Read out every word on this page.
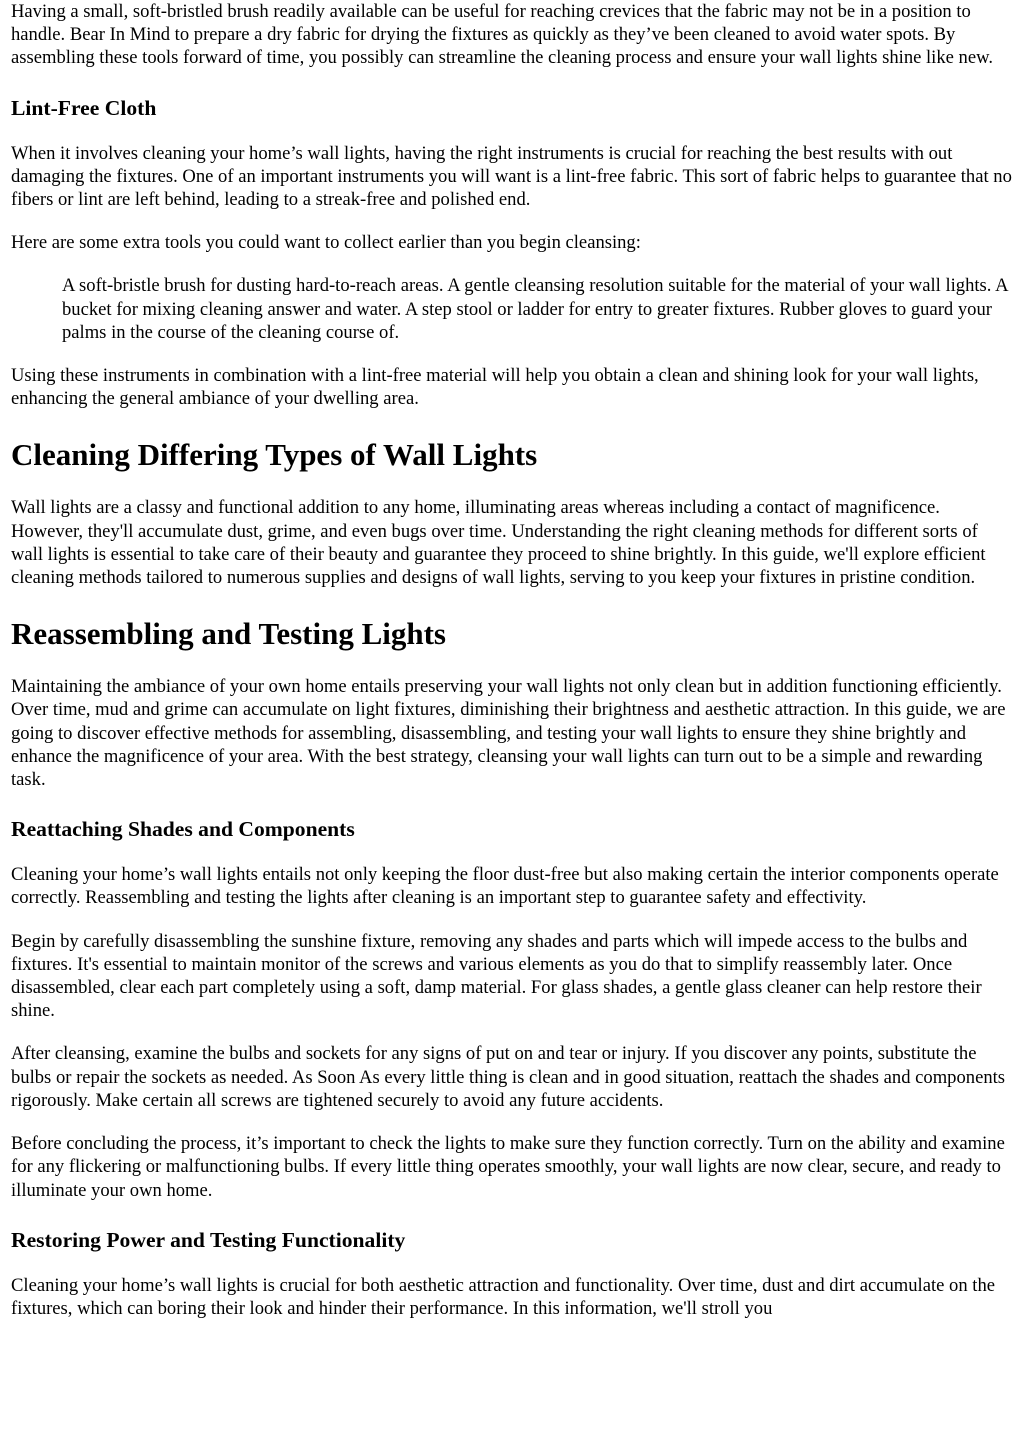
Having a small, soft-bristled brush readily available can be useful for reaching crevices that the fabric may not be in a position to handle. Bear In Mind to prepare a dry fabric for drying the fixtures as quickly as they’ve been cleaned to avoid water spots. By assembling these tools forward of time, you possibly can streamline the cleaning process and ensure your wall lights shine like new.

Lint-Free Cloth

When it involves cleaning your home’s wall lights, having the right instruments is crucial for reaching the best results with out damaging the fixtures. One of an important instruments you will want is a lint-free fabric. This sort of fabric helps to guarantee that no fibers or lint are left behind, leading to a streak-free and polished end.

Here are some extra tools you could want to collect earlier than you begin cleansing:

A soft-bristle brush for dusting hard-to-reach areas. A gentle cleansing resolution suitable for the material of your wall lights. A bucket for mixing cleaning answer and water. A step stool or ladder for entry to greater fixtures. Rubber gloves to guard your palms in the course of the cleaning course of.

Using these instruments in combination with a lint-free material will help you obtain a clean and shining look for your wall lights, enhancing the general ambiance of your dwelling area.

Cleaning Differing Types of Wall Lights

Wall lights are a classy and functional addition to any home, illuminating areas whereas including a contact of magnificence. However, they'll accumulate dust, grime, and even bugs over time. Understanding the right cleaning methods for different sorts of wall lights is essential to take care of their beauty and guarantee they proceed to shine brightly. In this guide, we'll explore efficient cleaning methods tailored to numerous supplies and designs of wall lights, serving to you keep your fixtures in pristine condition.

Reassembling and Testing Lights

Maintaining the ambiance of your own home entails preserving your wall lights not only clean but in addition functioning efficiently. Over time, mud and grime can accumulate on light fixtures, diminishing their brightness and aesthetic attraction. In this guide, we are going to discover effective methods for assembling, disassembling, and testing your wall lights to ensure they shine brightly and enhance the magnificence of your area. With the best strategy, cleansing your wall lights can turn out to be a simple and rewarding task.

Reattaching Shades and Components

Cleaning your home’s wall lights entails not only keeping the floor dust-free but also making certain the interior components operate correctly. Reassembling and testing the lights after cleaning is an important step to guarantee safety and effectivity.

Begin by carefully disassembling the sunshine fixture, removing any shades and parts which will impede access to the bulbs and fixtures. It's essential to maintain monitor of the screws and various elements as you do that to simplify reassembly later. Once disassembled, clear each part completely using a soft, damp material. For glass shades, a gentle glass cleaner can help restore their shine.

After cleansing, examine the bulbs and sockets for any signs of put on and tear or injury. If you discover any points, substitute the bulbs or repair the sockets as needed. As Soon As every little thing is clean and in good situation, reattach the shades and components rigorously. Make certain all screws are tightened securely to avoid any future accidents.

Before concluding the process, it’s important to check the lights to make sure they function correctly. Turn on the ability and examine for any flickering or malfunctioning bulbs. If every little thing operates smoothly, your wall lights are now clear, secure, and ready to illuminate your own home.

Restoring Power and Testing Functionality

Cleaning your home’s wall lights is crucial for both aesthetic attraction and functionality. Over time, dust and dirt accumulate on the fixtures, which can boring their look and hinder their performance. In this information, we'll stroll you
